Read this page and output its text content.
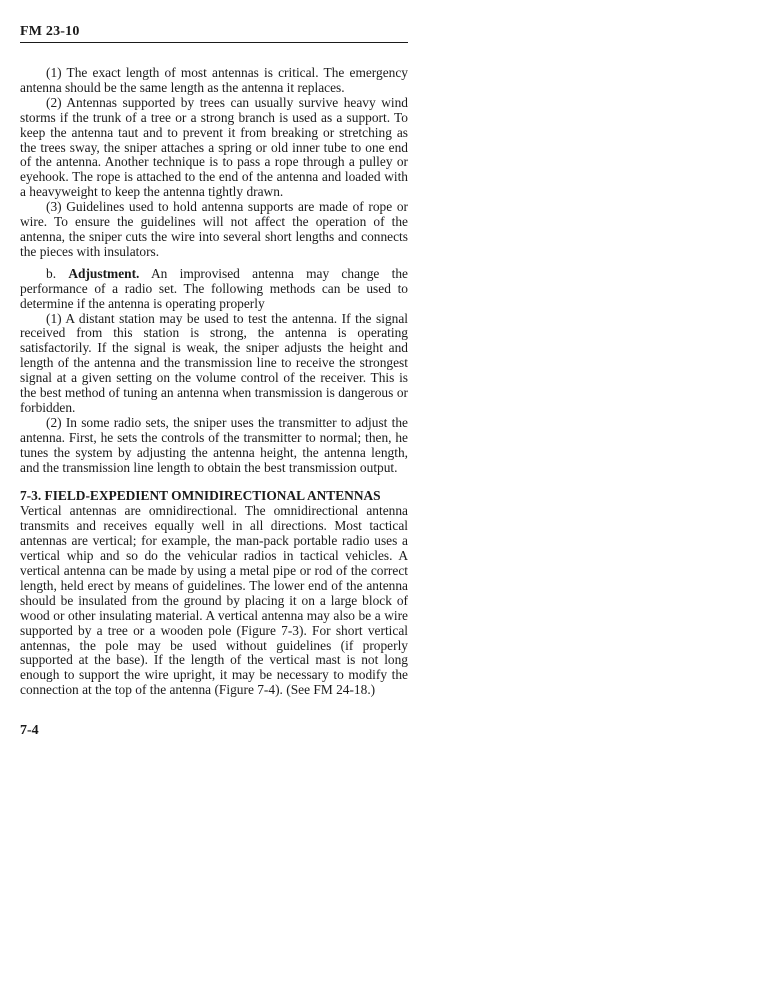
FM 23-10

(1) The exact length of most antennas is critical. The emergency antenna should be the same length as the antenna it replaces.

(2) Antennas supported by trees can usually survive heavy wind storms if the trunk of a tree or a strong branch is used as a support. To keep the antenna taut and to prevent it from breaking or stretching as the trees sway, the sniper attaches a spring or old inner tube to one end of the antenna. Another technique is to pass a rope through a pulley or eyehook. The rope is attached to the end of the antenna and loaded with a heavyweight to keep the antenna tightly drawn.

(3) Guidelines used to hold antenna supports are made of rope or wire. To ensure the guidelines will not affect the operation of the antenna, the sniper cuts the wire into several short lengths and connects the pieces with insulators.

b. Adjustment. An improvised antenna may change the performance of a radio set. The following methods can be used to determine if the antenna is operating properly

(1) A distant station may be used to test the antenna. If the signal received from this station is strong, the antenna is operating satisfactorily. If the signal is weak, the sniper adjusts the height and length of the antenna and the transmission line to receive the strongest signal at a given setting on the volume control of the receiver. This is the best method of tuning an antenna when transmission is dangerous or forbidden.

(2) In some radio sets, the sniper uses the transmitter to adjust the antenna. First, he sets the controls of the transmitter to normal; then, he tunes the system by adjusting the antenna height, the antenna length, and the transmission line length to obtain the best transmission output.

7-3. FIELD-EXPEDIENT OMNIDIRECTIONAL ANTENNAS

Vertical antennas are omnidirectional. The omnidirectional antenna transmits and receives equally well in all directions. Most tactical antennas are vertical; for example, the man-pack portable radio uses a vertical whip and so do the vehicular radios in tactical vehicles. A vertical antenna can be made by using a metal pipe or rod of the correct length, held erect by means of guidelines. The lower end of the antenna should be insulated from the ground by placing it on a large block of wood or other insulating material. A vertical antenna may also be a wire supported by a tree or a wooden pole (Figure 7-3). For short vertical antennas, the pole may be used without guidelines (if properly supported at the base). If the length of the vertical mast is not long enough to support the wire upright, it may be necessary to modify the connection at the top of the antenna (Figure 7-4). (See FM 24-18.)

7-4
